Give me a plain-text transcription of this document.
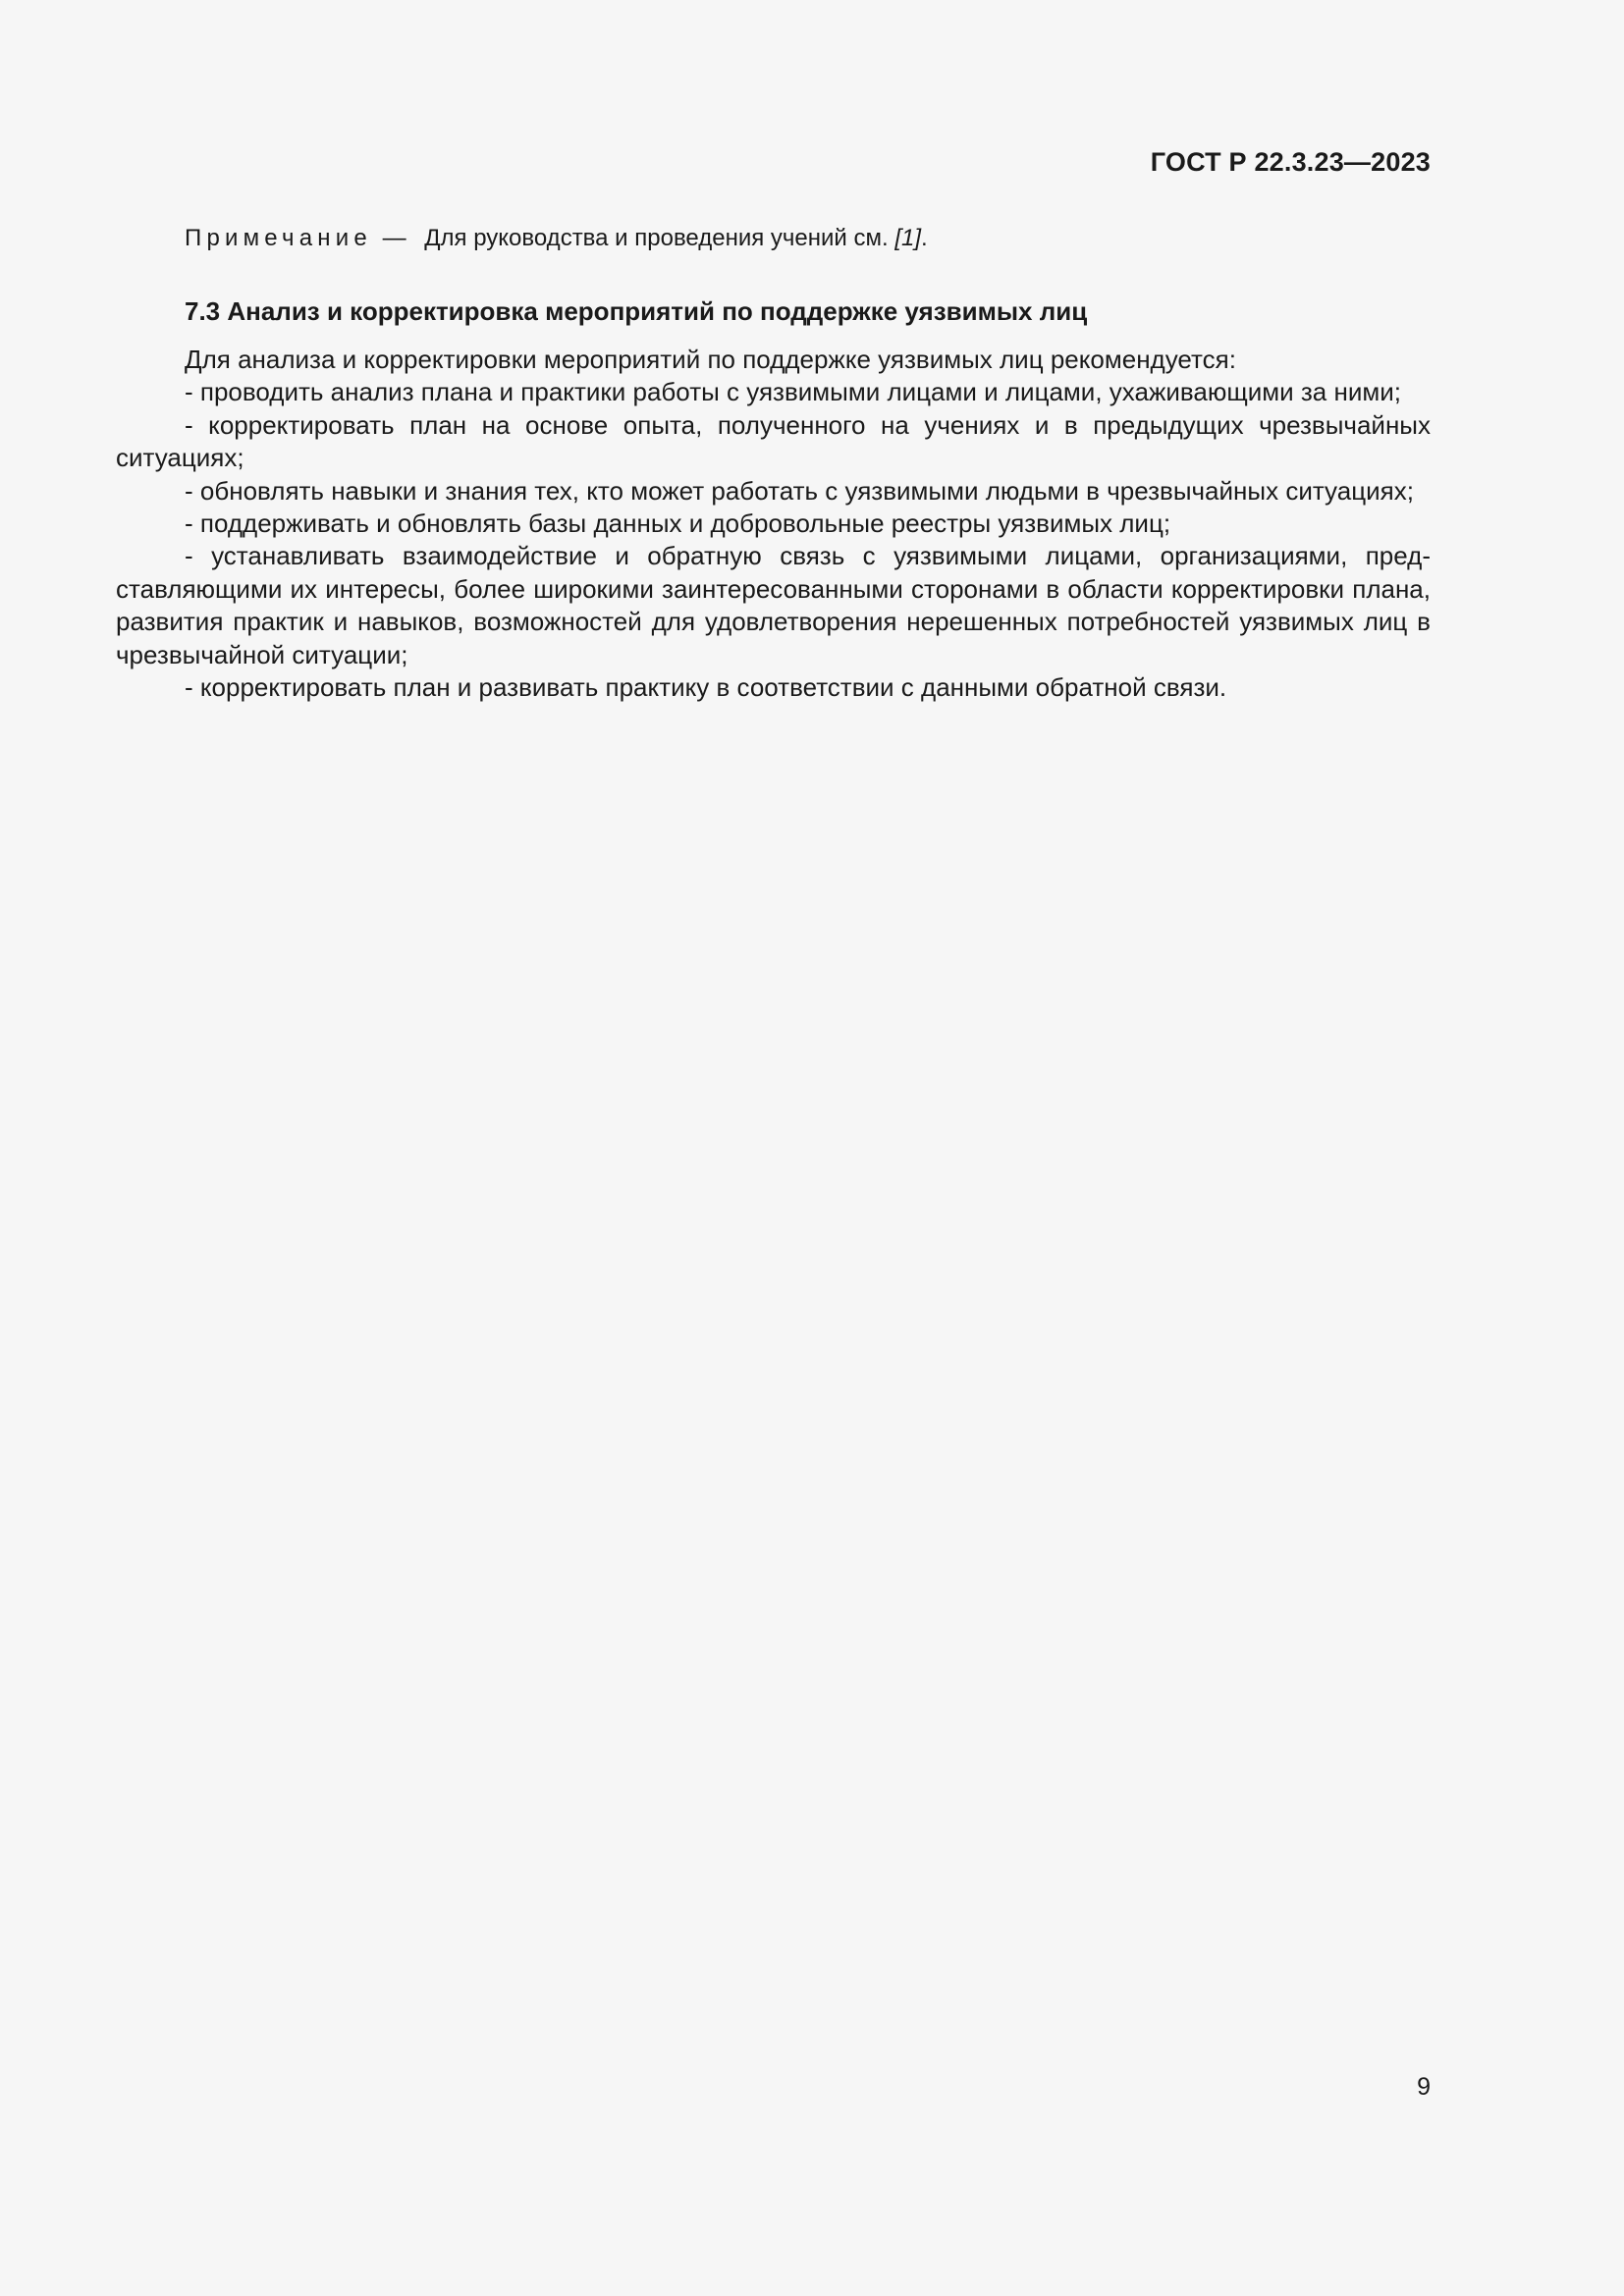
ГОСТ Р 22.3.23—2023
Примечание — Для руководства и проведения учений см. [1].
7.3 Анализ и корректировка мероприятий по поддержке уязвимых лиц

Для анализа и корректировки мероприятий по поддержке уязвимых лиц рекомендуется:

- проводить анализ плана и практики работы с уязвимыми лицами и лицами, ухаживающими за ними;

- корректировать план на основе опыта, полученного на учениях и в предыдущих чрезвычайных ситуациях;

- обновлять навыки и знания тех, кто может работать с уязвимыми людьми в чрезвычайных ситуациях;

- поддерживать и обновлять базы данных и добровольные реестры уязвимых лиц;

- устанавливать взаимодействие и обратную связь с уязвимыми лицами, организациями, представляющими их интересы, более широкими заинтересованными сторонами в области корректировки плана, развития практик и навыков, возможностей для удовлетворения нерешенных потребностей уязвимых лиц в чрезвычайной ситуации;

- корректировать план и развивать практику в соответствии с данными обратной связи.

9
